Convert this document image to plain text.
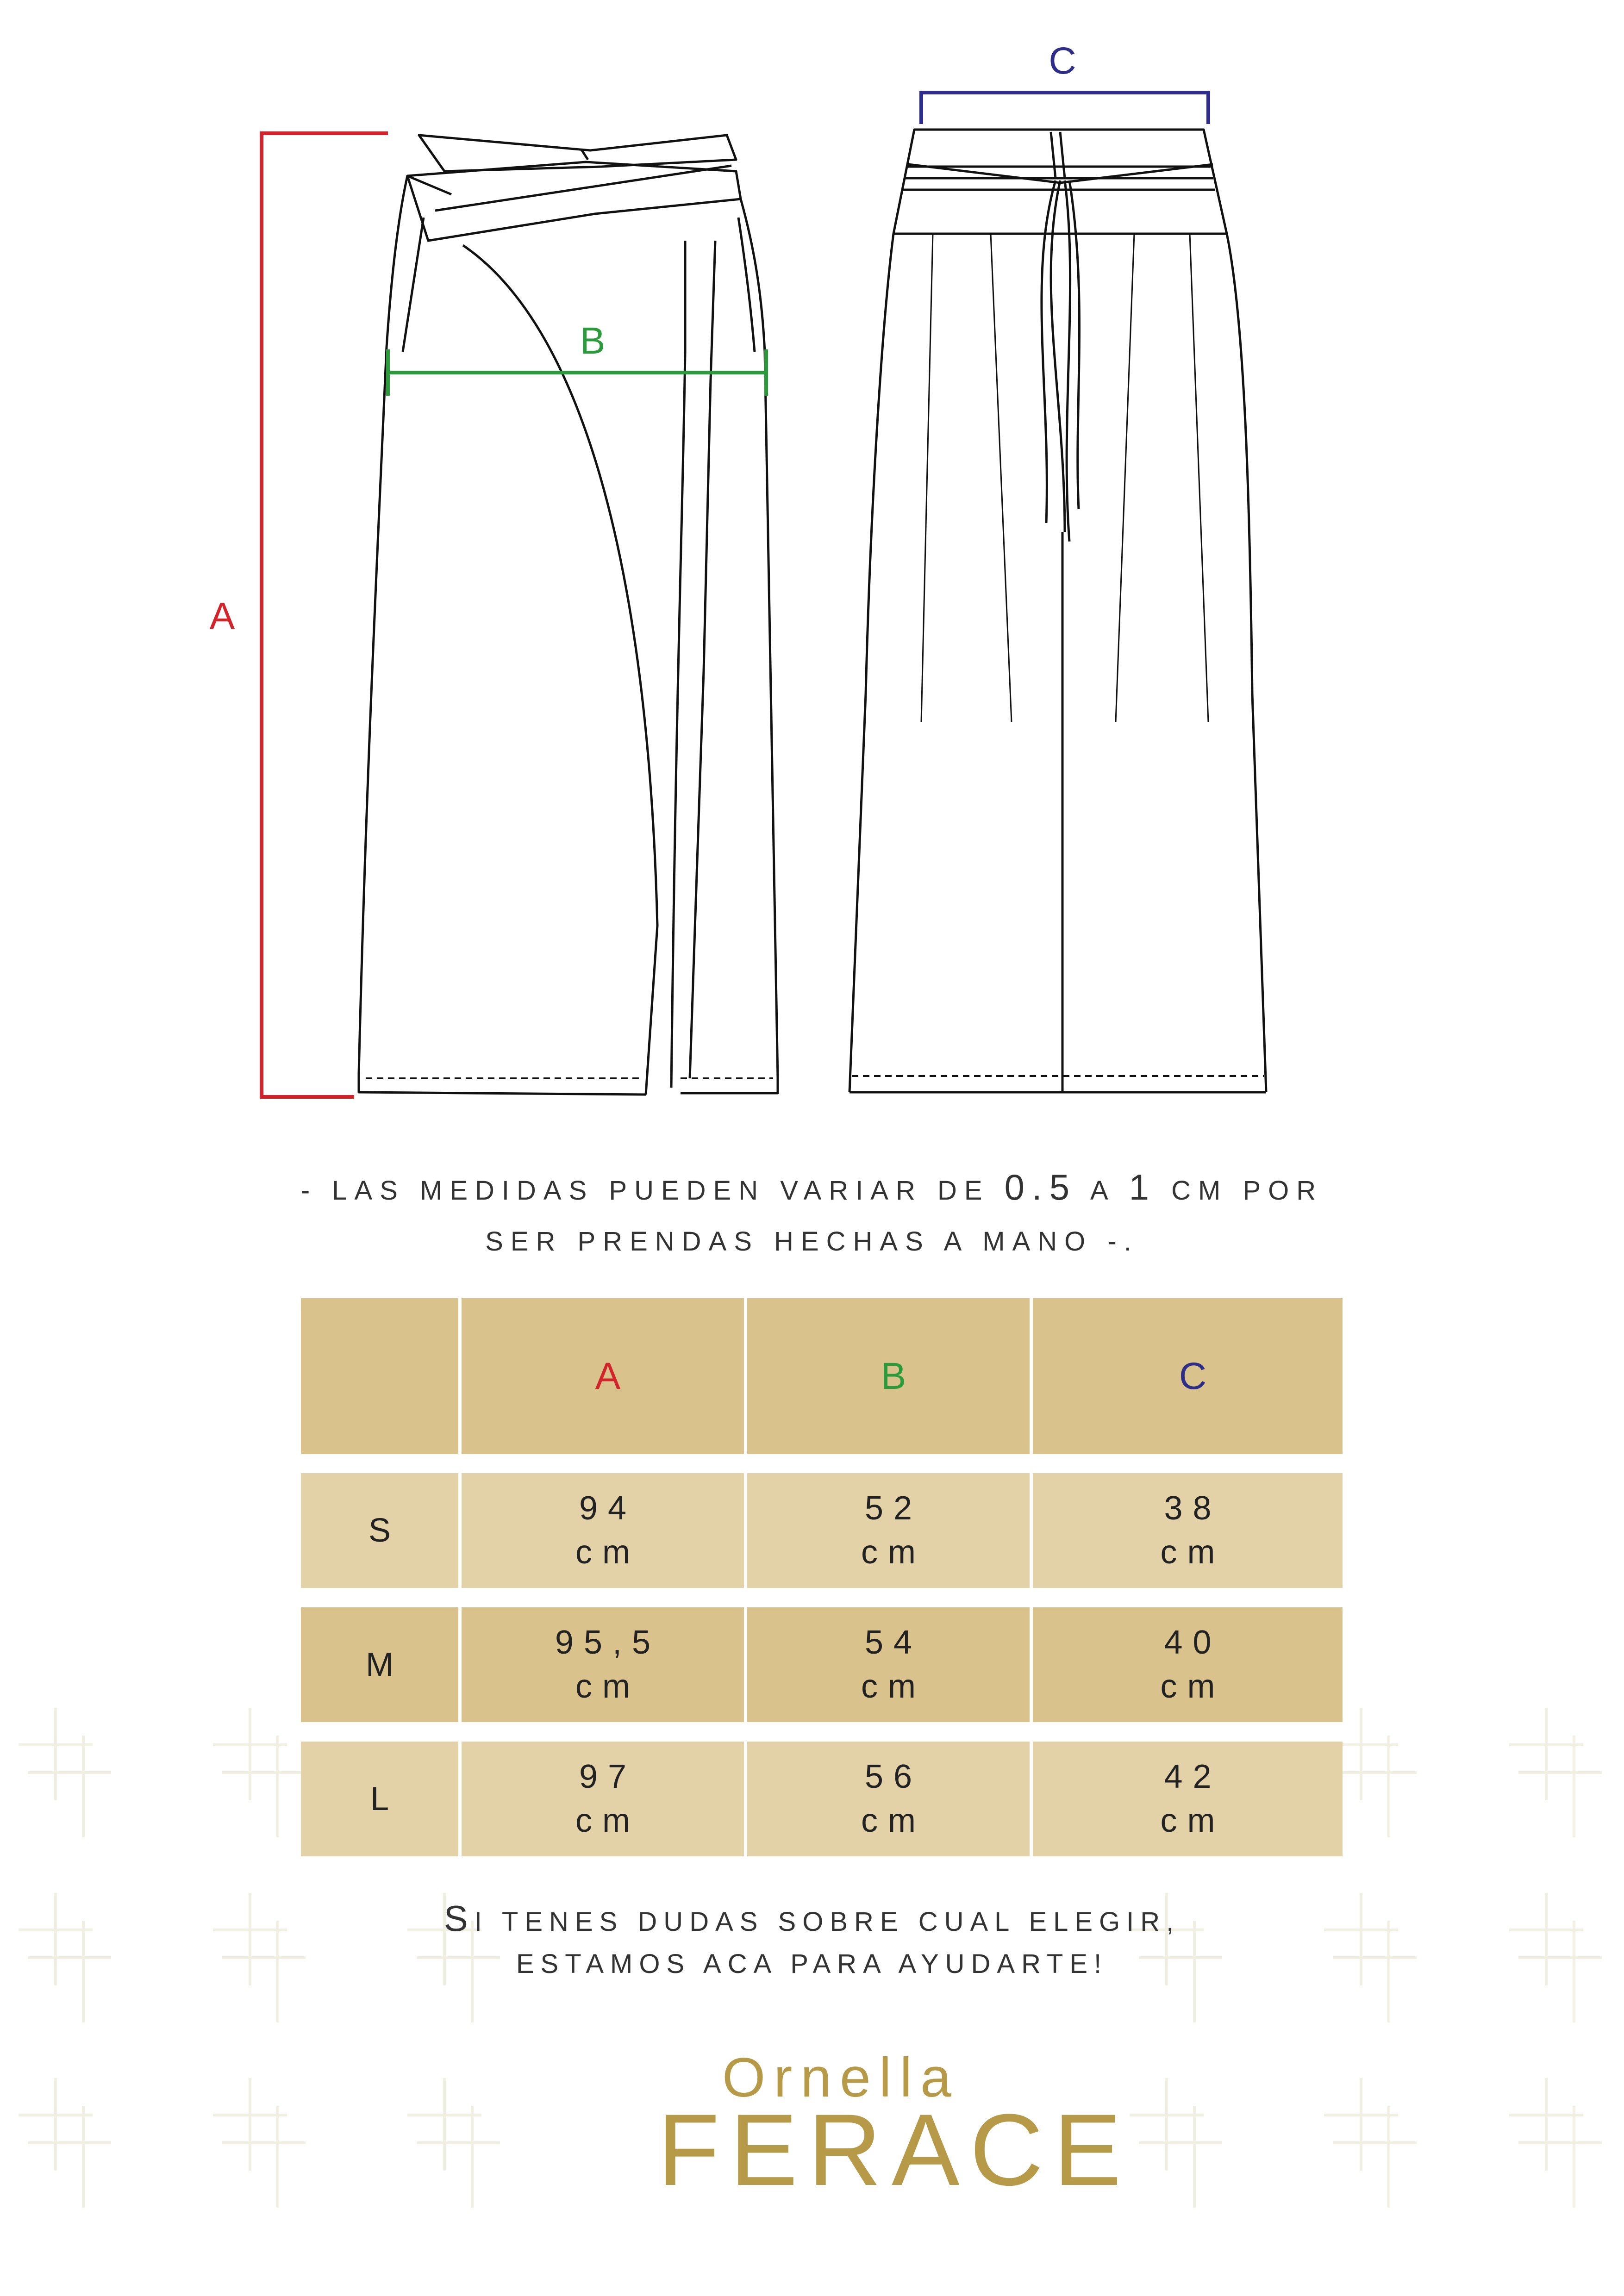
A
B
C
- LAS MEDIDAS PUEDEN VARIAR DE 0.5 A 1 CM POR
SER PRENDAS HECHAS A MANO -.
A	B	C
S
94
cm
52
cm
38
cm
M
95,5
cm
54
cm
40
cm
L
97
cm
56
cm
42
cm
SI TENES DUDAS SOBRE CUAL ELEGIR,
ESTAMOS ACA PARA AYUDARTE!
Ornella
FERACE
